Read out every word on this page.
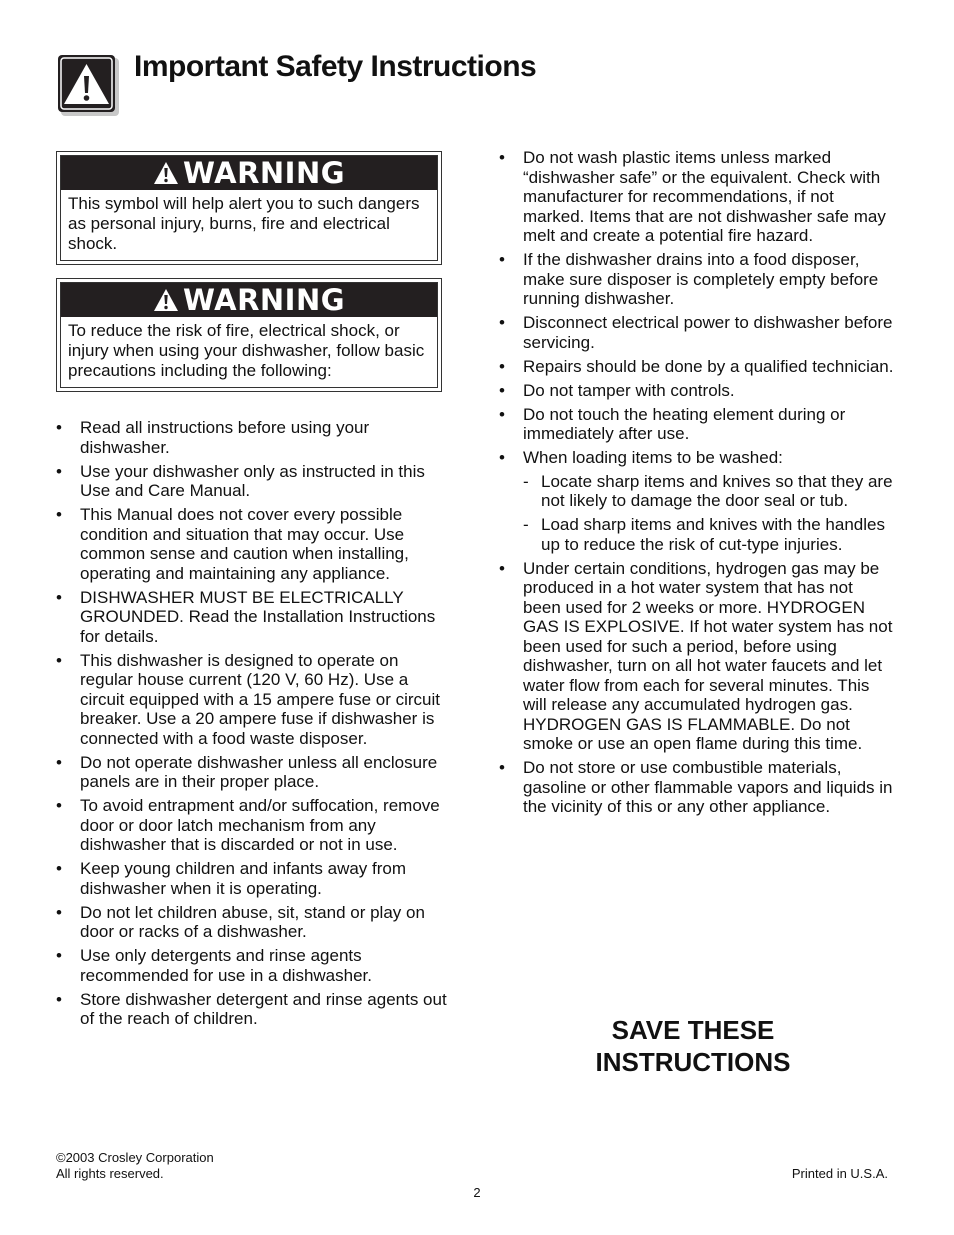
Important Safety Instructions
WARNING

This symbol will help alert you to such dangers as personal injury, burns, fire and electrical shock.

WARNING

To reduce the risk of fire, electrical shock, or injury when using your dishwasher, follow basic precautions including the following:

• Read all instructions before using your dishwasher.
• Use your dishwasher only as instructed in this Use and Care Manual.
• This Manual does not cover every possible condition and situation that may occur. Use common sense and caution when installing, operating and maintaining any appliance.
• DISHWASHER MUST BE ELECTRICALLY GROUNDED. Read the Installation Instructions for details.
• This dishwasher is designed to operate on regular house current (120 V, 60 Hz). Use a circuit equipped with a 15 ampere fuse or circuit breaker. Use a 20 ampere fuse if dishwasher is connected with a food waste disposer.
• Do not operate dishwasher unless all enclosure panels are in their proper place.
• To avoid entrapment and/or suffocation, remove door or door latch mechanism from any dishwasher that is discarded or not in use.
• Keep young children and infants away from dishwasher when it is operating.
• Do not let children abuse, sit, stand or play on door or racks of a dishwasher.
• Use only detergents and rinse agents recommended for use in a dishwasher.
• Store dishwasher detergent and rinse agents out of the reach of children.
• Do not wash plastic items unless marked “dishwasher safe” or the equivalent. Check with manufacturer for recommendations, if not marked. Items that are not dishwasher safe may melt and create a potential fire hazard.
• If the dishwasher drains into a food disposer, make sure disposer is completely empty before running dishwasher.
• Disconnect electrical power to dishwasher before servicing.
• Repairs should be done by a qualified technician.
• Do not tamper with controls.
• Do not touch the heating element during or immediately after use.
• When loading items to be washed:
- Locate sharp items and knives so that they are not likely to damage the door seal or tub.
- Load sharp items and knives with the handles up to reduce the risk of cut-type injuries.
• Under certain conditions, hydrogen gas may be produced in a hot water system that has not been used for 2 weeks or more. HYDROGEN GAS IS EXPLOSIVE. If hot water system has not been used for such a period, before using dishwasher, turn on all hot water faucets and let water flow from each for several minutes. This will release any accumulated hydrogen gas. HYDROGEN GAS IS FLAMMABLE. Do not smoke or use an open flame during this time.
• Do not store or use combustible materials, gasoline or other flammable vapors and liquids in the vicinity of this or any other appliance.
SAVE THESE
INSTRUCTIONS
©2003 Crosley Corporation
All rights reserved.	Printed in U.S.A.
2
